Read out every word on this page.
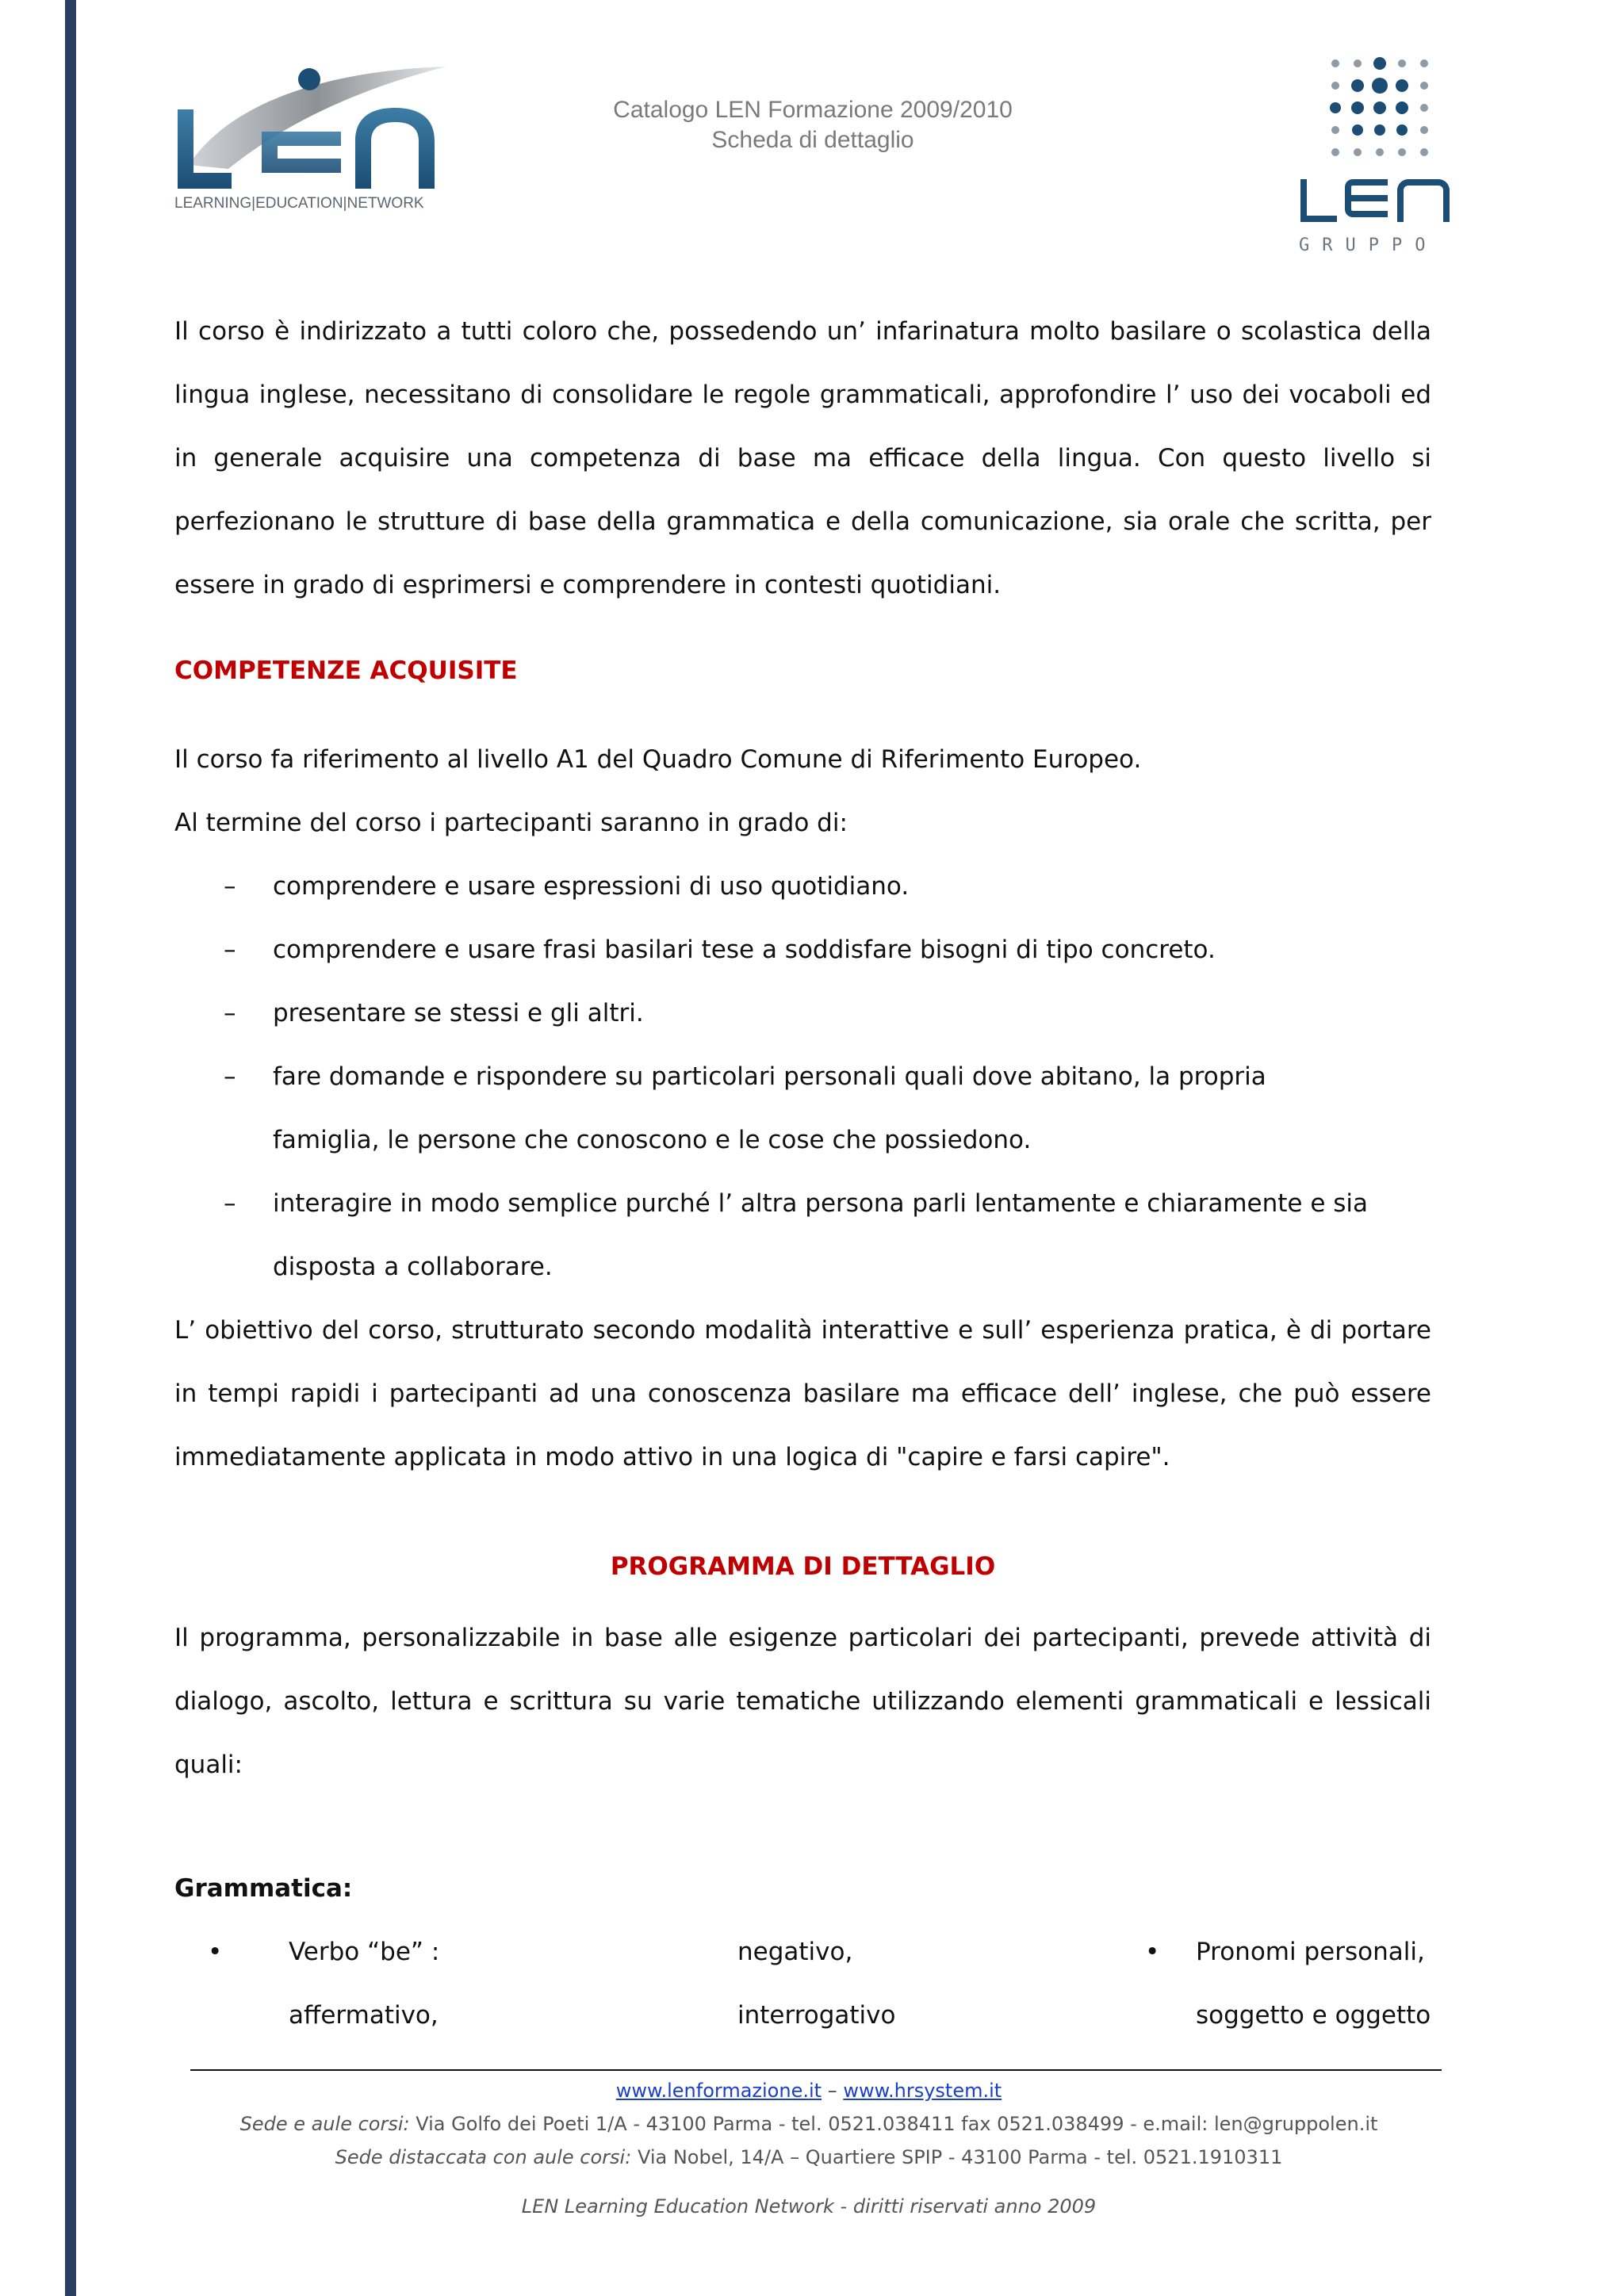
LEARNING|EDUCATION|NETWORK
Catalogo LEN Formazione 2009/2010
Scheda di dettaglio
GRUPPO
Il corso è indirizzato a tutti coloro che, possedendo un’ infarinatura molto basilare o scolastica della lingua inglese, necessitano di consolidare le regole grammaticali, approfondire l’ uso dei vocaboli ed in generale acquisire una competenza di base ma efficace della lingua. Con questo livello si perfezionano le strutture di base della grammatica e della comunicazione, sia orale che scritta, per essere in grado di esprimersi e comprendere in contesti quotidiani.
COMPETENZE ACQUISITE
Il corso fa riferimento al livello A1 del Quadro Comune di Riferimento Europeo.
Al termine del corso i partecipanti saranno in grado di:
– comprendere e usare espressioni di uso quotidiano.
– comprendere e usare frasi basilari tese a soddisfare bisogni di tipo concreto.
– presentare se stessi e gli altri.
– fare domande e rispondere su particolari personali quali dove abitano, la propria famiglia, le persone che conoscono e le cose che possiedono.
– interagire in modo semplice purché l’ altra persona parli lentamente e chiaramente e sia disposta a collaborare.
L’ obiettivo del corso, strutturato secondo modalità interattive e sull’ esperienza pratica, è di portare in tempi rapidi i partecipanti ad una conoscenza basilare ma efficace dell’ inglese, che può essere immediatamente applicata in modo attivo in una logica di "capire e farsi capire".
PROGRAMMA DI DETTAGLIO
Il programma, personalizzabile in base alle esigenze particolari dei partecipanti, prevede attività di dialogo, ascolto, lettura e scrittura su varie tematiche utilizzando elementi grammaticali e lessicali quali:
Grammatica:
•	Verbo “be” :
affermativo,
negativo,
interrogativo
•	Pronomi personali,
soggetto e oggetto
www.lenformazione.it – www.hrsystem.it
Sede e aule corsi: Via Golfo dei Poeti 1/A - 43100 Parma - tel. 0521.038411 fax 0521.038499 - e.mail: len@gruppolen.it
Sede distaccata con aule corsi: Via Nobel, 14/A – Quartiere SPIP - 43100 Parma - tel. 0521.1910311
LEN Learning Education Network - diritti riservati anno 2009
